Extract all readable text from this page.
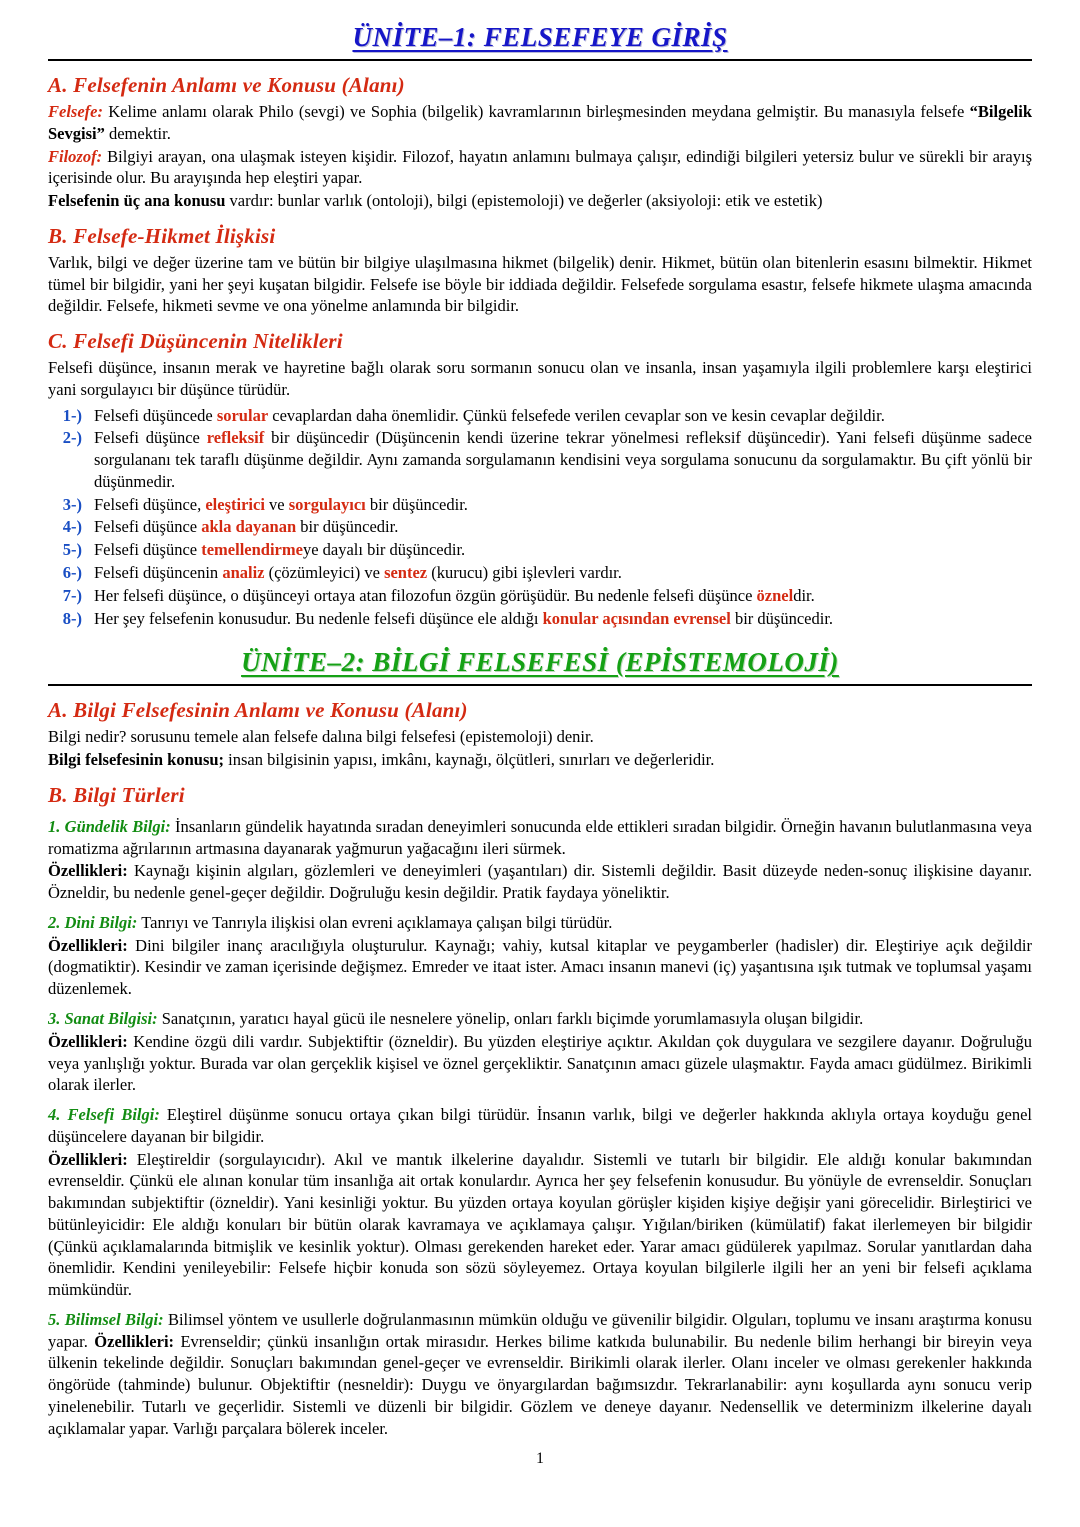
ÜNİTE–1: FELSEFEYE GİRİŞ
A. Felsefenin Anlamı ve Konusu (Alanı)

Felsefe: Kelime anlamı olarak Philo (sevgi) ve Sophia (bilgelik) kavramlarının birleşmesinden meydana gelmiştir. Bu manasıyla felsefe “Bilgelik Sevgisi” demektir.

Filozof: Bilgiyi arayan, ona ulaşmak isteyen kişidir. Filozof, hayatın anlamını bulmaya çalışır, edindiği bilgileri yetersiz bulur ve sürekli bir arayış içerisinde olur. Bu arayışında hep eleştiri yapar.

Felsefenin üç ana konusu vardır: bunlar varlık (ontoloji), bilgi (epistemoloji) ve değerler (aksiyoloji: etik ve estetik)

B. Felsefe-Hikmet İlişkisi

Varlık, bilgi ve değer üzerine tam ve bütün bir bilgiye ulaşılmasına hikmet (bilgelik) denir. Hikmet, bütün olan bitenlerin esasını bilmektir. Hikmet tümel bir bilgidir, yani her şeyi kuşatan bilgidir. Felsefe ise böyle bir iddiada değildir. Felsefede sorgulama esastır, felsefe hikmete ulaşma amacında değildir. Felsefe, hikmeti sevme ve ona yönelme anlamında bir bilgidir.

C. Felsefi Düşüncenin Nitelikleri

Felsefi düşünce, insanın merak ve hayretine bağlı olarak soru sormanın sonucu olan ve insanla, insan yaşamıyla ilgili problemlere karşı eleştirici yani sorgulayıcı bir düşünce türüdür.

1-) Felsefi düşüncede sorular cevaplardan daha önemlidir. Çünkü felsefede verilen cevaplar son ve kesin cevaplar değildir.
2-) Felsefi düşünce refleksif bir düşüncedir (Düşüncenin kendi üzerine tekrar yönelmesi refleksif düşüncedir). Yani felsefi düşünme sadece sorgulananı tek taraflı düşünme değildir. Aynı zamanda sorgulamanın kendisini veya sorgulama sonucunu da sorgulamaktır. Bu çift yönlü bir düşünmedir.
3-) Felsefi düşünce, eleştirici ve sorgulayıcı bir düşüncedir.
4-) Felsefi düşünce akla dayanan bir düşüncedir.
5-) Felsefi düşünce temellendirmeye dayalı bir düşüncedir.
6-) Felsefi düşüncenin analiz (çözümleyici) ve sentez (kurucu) gibi işlevleri vardır.
7-) Her felsefi düşünce, o düşünceyi ortaya atan filozofun özgün görüşüdür. Bu nedenle felsefi düşünce özneldir.
8-) Her şey felsefenin konusudur. Bu nedenle felsefi düşünce ele aldığı konular açısından evrensel bir düşüncedir.
ÜNİTE–2: BİLGİ FELSEFESİ (EPİSTEMOLOJİ)
A. Bilgi Felsefesinin Anlamı ve Konusu (Alanı)

Bilgi nedir? sorusunu temele alan felsefe dalına bilgi felsefesi (epistemoloji) denir.

Bilgi felsefesinin konusu; insan bilgisinin yapısı, imkânı, kaynağı, ölçütleri, sınırları ve değerleridir.

B. Bilgi Türleri

1. Gündelik Bilgi: İnsanların gündelik hayatında sıradan deneyimleri sonucunda elde ettikleri sıradan bilgidir. Örneğin havanın bulutlanmasına veya romatizma ağrılarının artmasına dayanarak yağmurun yağacağını ileri sürmek.

Özellikleri: Kaynağı kişinin algıları, gözlemleri ve deneyimleri (yaşantıları) dir. Sistemli değildir. Basit düzeyde neden-sonuç ilişkisine dayanır. Özneldir, bu nedenle genel-geçer değildir. Doğruluğu kesin değildir. Pratik faydaya yöneliktir.

2. Dini Bilgi: Tanrıyı ve Tanrıyla ilişkisi olan evreni açıklamaya çalışan bilgi türüdür.

Özellikleri: Dini bilgiler inanç aracılığıyla oluşturulur. Kaynağı; vahiy, kutsal kitaplar ve peygamberler (hadisler) dir. Eleştiriye açık değildir (dogmatiktir). Kesindir ve zaman içerisinde değişmez. Emreder ve itaat ister. Amacı insanın manevi (iç) yaşantısına ışık tutmak ve toplumsal yaşamı düzenlemek.

3. Sanat Bilgisi: Sanatçının, yaratıcı hayal gücü ile nesnelere yönelip, onları farklı biçimde yorumlamasıyla oluşan bilgidir.

Özellikleri: Kendine özgü dili vardır. Subjektiftir (özneldir). Bu yüzden eleştiriye açıktır. Akıldan çok duygulara ve sezgilere dayanır. Doğruluğu veya yanlışlığı yoktur. Burada var olan gerçeklik kişisel ve öznel gerçekliktir. Sanatçının amacı güzele ulaşmaktır. Fayda amacı güdülmez. Birikimli olarak ilerler.

4. Felsefi Bilgi: Eleştirel düşünme sonucu ortaya çıkan bilgi türüdür. İnsanın varlık, bilgi ve değerler hakkında aklıyla ortaya koyduğu genel düşüncelere dayanan bir bilgidir.

Özellikleri: Eleştireldir (sorgulayıcıdır). Akıl ve mantık ilkelerine dayalıdır. Sistemli ve tutarlı bir bilgidir. Ele aldığı konular bakımından evrenseldir. Çünkü ele alınan konular tüm insanlığa ait ortak konulardır. Ayrıca her şey felsefenin konusudur. Bu yönüyle de evrenseldir. Sonuçları bakımından subjektiftir (özneldir). Yani kesinliği yoktur. Bu yüzden ortaya koyulan görüşler kişiden kişiye değişir yani görecelidir. Birleştirici ve bütünleyicidir: Ele aldığı konuları bir bütün olarak kavramaya ve açıklamaya çalışır. Yığılan/biriken (kümülatif) fakat ilerlemeyen bir bilgidir (Çünkü açıklamalarında bitmişlik ve kesinlik yoktur). Olması gerekenden hareket eder. Yarar amacı güdülerek yapılmaz. Sorular yanıtlardan daha önemlidir. Kendini yenileyebilir: Felsefe hiçbir konuda son sözü söyleyemez. Ortaya koyulan bilgilerle ilgili her an yeni bir felsefi açıklama mümkündür.

5. Bilimsel Bilgi: Bilimsel yöntem ve usullerle doğrulanmasının mümkün olduğu ve güvenilir bilgidir. Olguları, toplumu ve insanı araştırma konusu yapar. Özellikleri: Evrenseldir; çünkü insanlığın ortak mirasıdır. Herkes bilime katkıda bulunabilir. Bu nedenle bilim herhangi bir bireyin veya ülkenin tekelinde değildir. Sonuçları bakımından genel-geçer ve evrenseldir. Birikimli olarak ilerler. Olanı inceler ve olması gerekenler hakkında öngörüde (tahminde) bulunur. Objektiftir (nesneldir): Duygu ve önyargılardan bağımsızdır. Tekrarlanabilir: aynı koşullarda aynı sonucu verip yinelenebilir. Tutarlı ve geçerlidir. Sistemli ve düzenli bir bilgidir. Gözlem ve deneye dayanır. Nedensellik ve determinizm ilkelerine dayalı açıklamalar yapar. Varlığı parçalara bölerek inceler.

1
